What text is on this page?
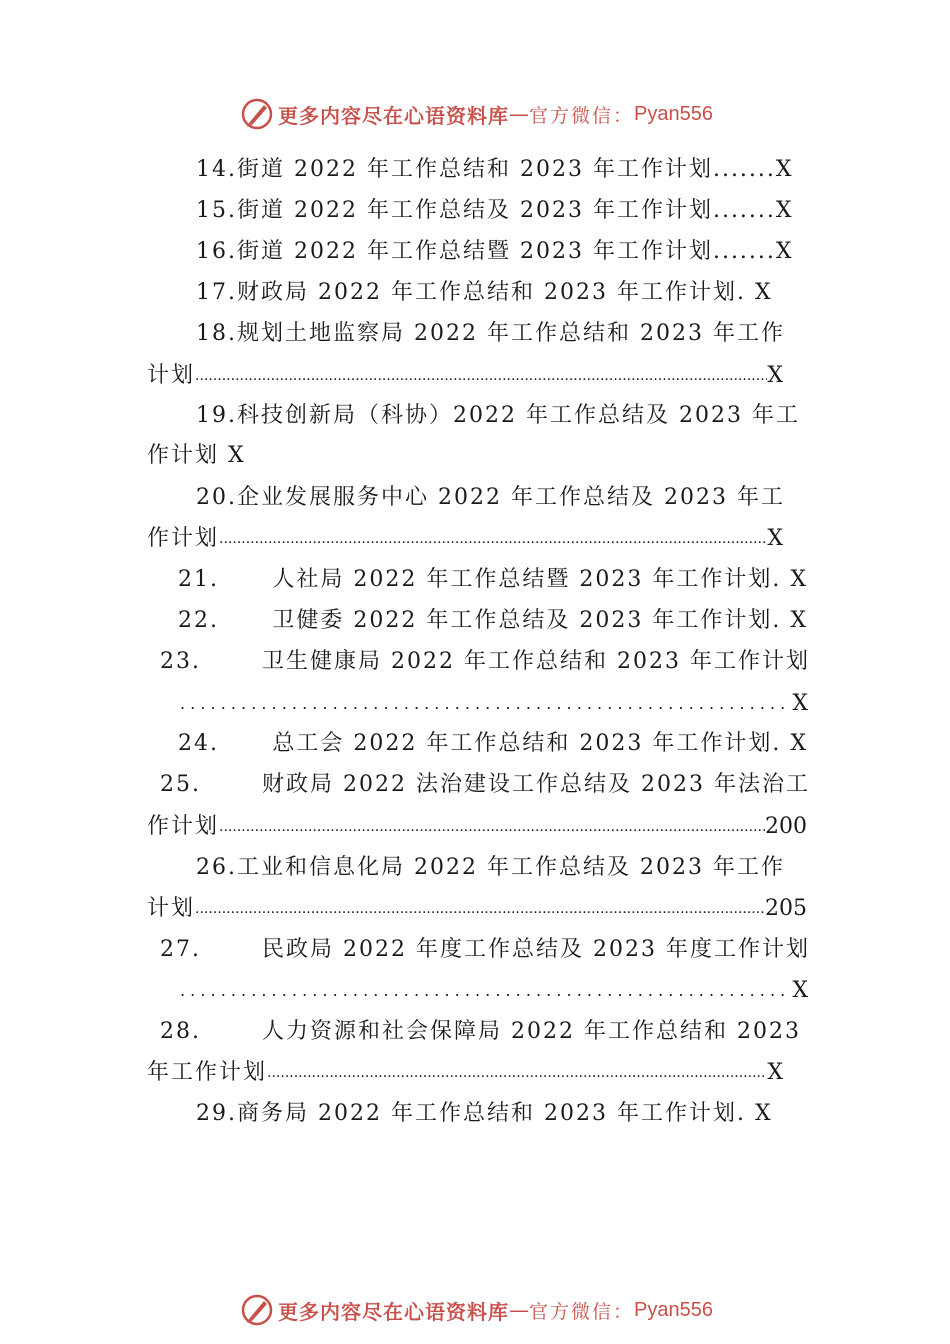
更多内容尽在心语资料库 — 官方微信： Pyan556
14. 街道 2022 年工作总结和 2023 年工作计划 ....... X
15. 街道 2022 年工作总结及 2023 年工作计划 ....... X
16. 街道 2022 年工作总结暨 2023 年工作计划 ....... X
17. 财政局 2022 年工作总结和 2023 年工作计划.
X
18. 规划土地监察局 2022 年工作总结和 2023 年工作
计划 .....	X
19. 科技创新局（科协）2022 年工作总结及 2023 年工
作计划 X
20. 企业发展服务中心 2022 年工作总结及 2023 年工
作计划 .....	X
21.	人社局 2022 年工作总结暨 2023 年工作计划.
X
22.	卫健委 2022 年工作总结及 2023 年工作计划.
X
23.	卫生健康局 2022 年工作总结和 2023 年工作计划
. . .
X
24.	总工会 2022 年工作总结和 2023 年工作计划.
X
25.	财政局 2022 法治建设工作总结及 2023 年法治工
作计划 .....	200
26. 工业和信息化局 2022 年工作总结及 2023 年工作
计划 .....	205
27.	民政局 2022 年度工作总结及 2023 年度工作计划
. . .
X
28.	人力资源和社会保障局 2022 年工作总结和 2023
年工作计划 .....	X
29. 商务局 2022 年工作总结和 2023 年工作计划.
X
更多内容尽在心语资料库 — 官方微信： Pyan556
